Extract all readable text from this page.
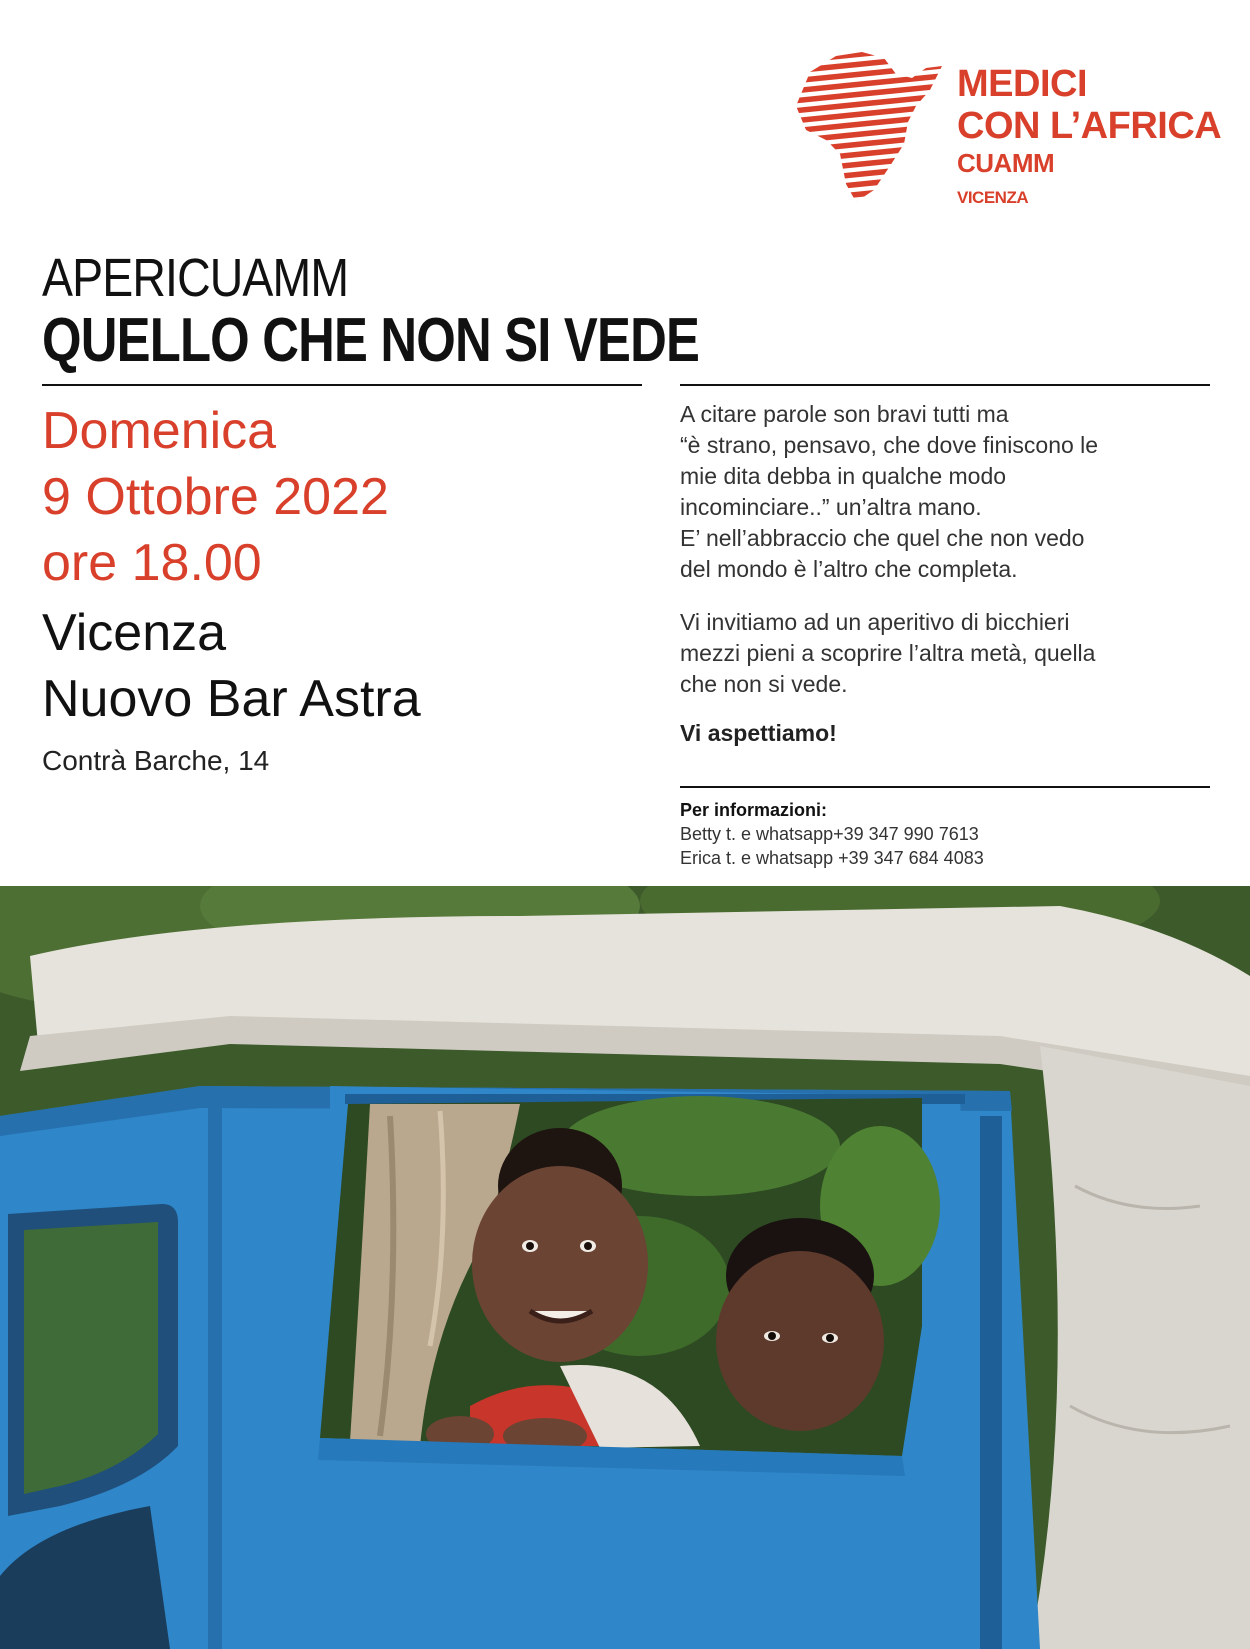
MEDICI
CON L’AFRICA
CUAMM
VICENZA
APERICUAMM
QUELLO CHE NON SI VEDE
Domenica
9 Ottobre 2022
ore 18.00
Vicenza
Nuovo Bar Astra
Contrà Barche, 14
A citare parole son bravi tutti ma
“è strano, pensavo, che dove finiscono le
mie dita debba in qualche modo
incominciare..” un’altra mano.
E’ nell’abbraccio che quel che non vedo
del mondo è l’altro che completa.
Vi invitiamo ad un aperitivo di bicchieri
mezzi pieni a scoprire l’altra metà, quella
che non si vede.
Vi aspettiamo!
Per informazioni:
Betty t. e whatsapp+39 347 990 7613
Erica t. e whatsapp +39 347 684 4083
